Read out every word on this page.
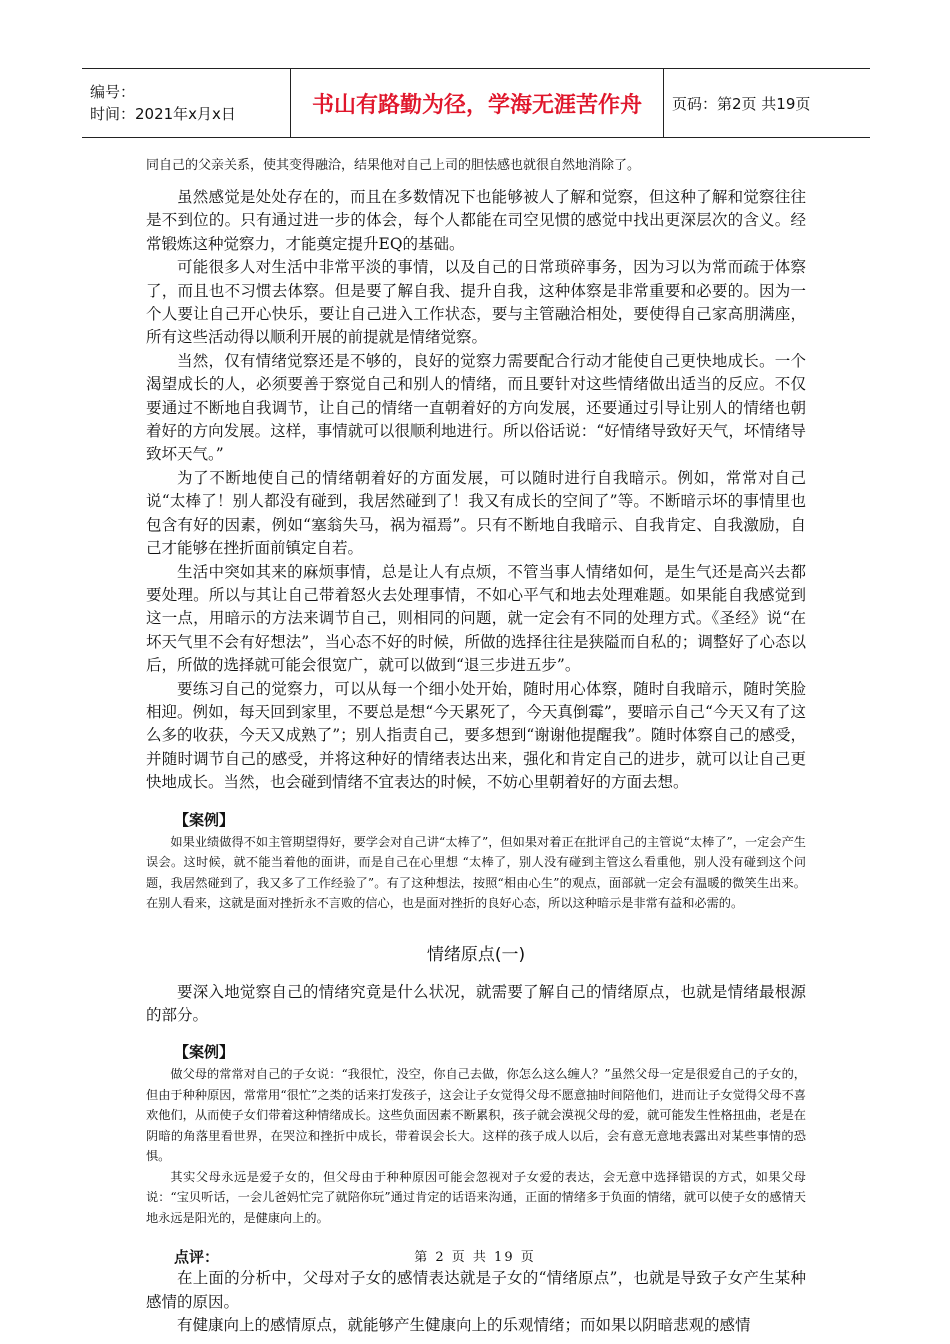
编号：
时间：2021年x月x日	书山有路勤为径，学海无涯苦作舟	页码：第2页 共19页

同自己的父亲关系，使其变得融洽，结果他对自己上司的胆怯感也就很自然地消除了。

虽然感觉是处处存在的，而且在多数情况下也能够被人了解和觉察，但这种了解和觉察往往是不到位的。只有通过进一步的体会，每个人都能在司空见惯的感觉中找出更深层次的含义。经常锻炼这种觉察力，才能奠定提升EQ的基础。

可能很多人对生活中非常平淡的事情，以及自己的日常琐碎事务，因为习以为常而疏于体察了，而且也不习惯去体察。但是要了解自我、提升自我，这种体察是非常重要和必要的。因为一个人要让自己开心快乐，要让自己进入工作状态，要与主管融洽相处，要使得自己家高朋满座，所有这些活动得以顺利开展的前提就是情绪觉察。

当然，仅有情绪觉察还是不够的，良好的觉察力需要配合行动才能使自己更快地成长。一个渴望成长的人，必须要善于察觉自己和别人的情绪，而且要针对这些情绪做出适当的反应。不仅要通过不断地自我调节，让自己的情绪一直朝着好的方向发展，还要通过引导让别人的情绪也朝着好的方向发展。这样，事情就可以很顺利地进行。所以俗话说：“好情绪导致好天气，坏情绪导致坏天气。”

为了不断地使自己的情绪朝着好的方面发展，可以随时进行自我暗示。例如，常常对自己说“太棒了！别人都没有碰到，我居然碰到了！我又有成长的空间了”等。不断暗示坏的事情里也包含有好的因素，例如“塞翁失马，祸为福焉”。只有不断地自我暗示、自我肯定、自我激励，自己才能够在挫折面前镇定自若。

生活中突如其来的麻烦事情，总是让人有点烦，不管当事人情绪如何，是生气还是高兴去都要处理。所以与其让自己带着怒火去处理事情，不如心平气和地去处理难题。如果能自我感觉到这一点，用暗示的方法来调节自己，则相同的问题，就一定会有不同的处理方式。《圣经》说“在坏天气里不会有好想法”，当心态不好的时候，所做的选择往往是狭隘而自私的；调整好了心态以后，所做的选择就可能会很宽广，就可以做到“退三步进五步”。

要练习自己的觉察力，可以从每一个细小处开始，随时用心体察，随时自我暗示，随时笑脸相迎。例如，每天回到家里，不要总是想“今天累死了，今天真倒霉”，要暗示自己“今天又有了这么多的收获，今天又成熟了”；别人指责自己，要多想到“谢谢他提醒我”。随时体察自己的感受，并随时调节自己的感受，并将这种好的情绪表达出来，强化和肯定自己的进步，就可以让自己更快地成长。当然，也会碰到情绪不宜表达的时候，不妨心里朝着好的方面去想。

【案例】

如果业绩做得不如主管期望得好，要学会对自己讲“太棒了”，但如果对着正在批评自己的主管说“太棒了”，一定会产生误会。这时候，就不能当着他的面讲，而是自己在心里想 “太棒了，别人没有碰到主管这么看重他，别人没有碰到这个问题，我居然碰到了，我又多了工作经验了”。有了这种想法，按照“相由心生”的观点，面部就一定会有温暖的微笑生出来。在别人看来，这就是面对挫折永不言败的信心，也是面对挫折的良好心态，所以这种暗示是非常有益和必需的。

情绪原点(一)

要深入地觉察自己的情绪究竟是什么状况，就需要了解自己的情绪原点，也就是情绪最根源的部分。

【案例】

做父母的常常对自己的子女说：“我很忙，没空，你自己去做，你怎么这么缠人？”虽然父母一定是很爱自己的子女的，但由于种种原因，常常用“很忙”之类的话来打发孩子，这会让子女觉得父母不愿意抽时间陪他们，进而让子女觉得父母不喜欢他们，从而使子女们带着这种情绪成长。这些负面因素不断累积，孩子就会漠视父母的爱，就可能发生性格扭曲，老是在阴暗的角落里看世界，在哭泣和挫折中成长，带着误会长大。这样的孩子成人以后，会有意无意地表露出对某些事情的恐惧。

其实父母永远是爱子女的，但父母由于种种原因可能会忽视对子女爱的表达，会无意中选择错误的方式，如果父母说：“宝贝听话，一会儿爸妈忙完了就陪你玩”通过肯定的话语来沟通，正面的情绪多于负面的情绪，就可以使子女的感情天地永远是阳光的，是健康向上的。

点评：

在上面的分析中，父母对子女的感情表达就是子女的“情绪原点”，也就是导致子女产生某种感情的原因。

有健康向上的感情原点，就能够产生健康向上的乐观情绪；而如果以阴暗悲观的感情

第 2 页 共 19 页
